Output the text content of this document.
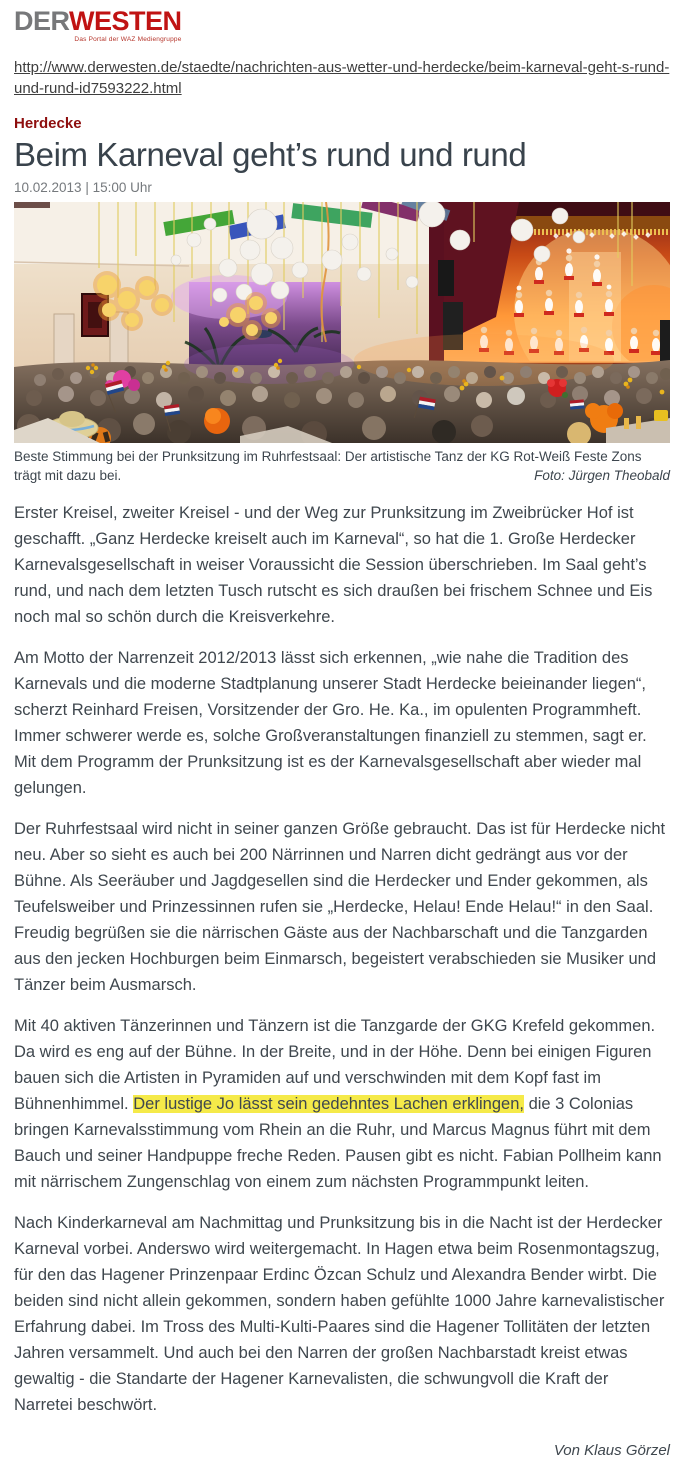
DERWESTEN
Das Portal der WAZ Mediengruppe
http://www.derwesten.de/staedte/nachrichten-aus-wetter-und-herdecke/beim-karneval-geht-s-rund-und-rund-id7593222.html
Herdecke
Beim Karneval geht’s rund und rund
10.02.2013 | 15:00 Uhr
Beste Stimmung bei der Prunksitzung im Ruhrfestsaal: Der artistische Tanz der KG Rot-Weiß Feste Zons trägt mit dazu bei.	Foto: Jürgen Theobald

Erster Kreisel, zweiter Kreisel - und der Weg zur Prunksitzung im Zweibrücker Hof ist geschafft. „Ganz Herdecke kreiselt auch im Karneval“, so hat die 1. Große Herdecker Karnevalsgesellschaft in weiser Voraussicht die Session überschrieben. Im Saal geht’s rund, und nach dem letzten Tusch rutscht es sich draußen bei frischem Schnee und Eis noch mal so schön durch die Kreisverkehre.

Am Motto der Narrenzeit 2012/2013 lässt sich erkennen, „wie nahe die Tradition des Karnevals und die moderne Stadtplanung unserer Stadt Herdecke beieinander liegen“, scherzt Reinhard Freisen, Vorsitzender der Gro. He. Ka., im opulenten Programmheft. Immer schwerer werde es, solche Großveranstaltungen finanziell zu stemmen, sagt er. Mit dem Programm der Prunksitzung ist es der Karnevalsgesellschaft aber wieder mal gelungen.

Der Ruhrfestsaal wird nicht in seiner ganzen Größe gebraucht. Das ist für Herdecke nicht neu. Aber so sieht es auch bei 200 Närrinnen und Narren dicht gedrängt aus vor der Bühne. Als Seeräuber und Jagdgesellen sind die Herdecker und Ender gekommen, als Teufelsweiber und Prinzessinnen rufen sie „Herdecke, Helau! Ende Helau!“ in den Saal. Freudig begrüßen sie die närrischen Gäste aus der Nachbarschaft und die Tanzgarden aus den jecken Hochburgen beim Einmarsch, begeistert verabschieden sie Musiker und Tänzer beim Ausmarsch.

Mit 40 aktiven Tänzerinnen und Tänzern ist die Tanzgarde der GKG Krefeld gekommen. Da wird es eng auf der Bühne. In der Breite, und in der Höhe. Denn bei einigen Figuren bauen sich die Artisten in Pyramiden auf und verschwinden mit dem Kopf fast im Bühnenhimmel. Der lustige Jo lässt sein gedehntes Lachen erklingen, die 3 Colonias bringen Karnevalsstimmung vom Rhein an die Ruhr, und Marcus Magnus führt mit dem Bauch und seiner Handpuppe freche Reden. Pausen gibt es nicht. Fabian Pollheim kann mit närrischem Zungenschlag von einem zum nächsten Programmpunkt leiten.

Nach Kinderkarneval am Nachmittag und Prunksitzung bis in die Nacht ist der Herdecker Karneval vorbei. Anderswo wird weitergemacht. In Hagen etwa beim Rosenmontagszug, für den das Hagener Prinzenpaar Erdinc Özcan Schulz und Alexandra Bender wirbt. Die beiden sind nicht allein gekommen, sondern haben gefühlte 1000 Jahre karnevalistischer Erfahrung dabei. Im Tross des Multi-Kulti-Paares sind die Hagener Tollitäten der letzten Jahren versammelt. Und auch bei den Narren der großen Nachbarstadt kreist etwas gewaltig - die Standarte der Hagener Karnevalisten, die schwungvoll die Kraft der Narretei beschwört.

Von Klaus Görzel
